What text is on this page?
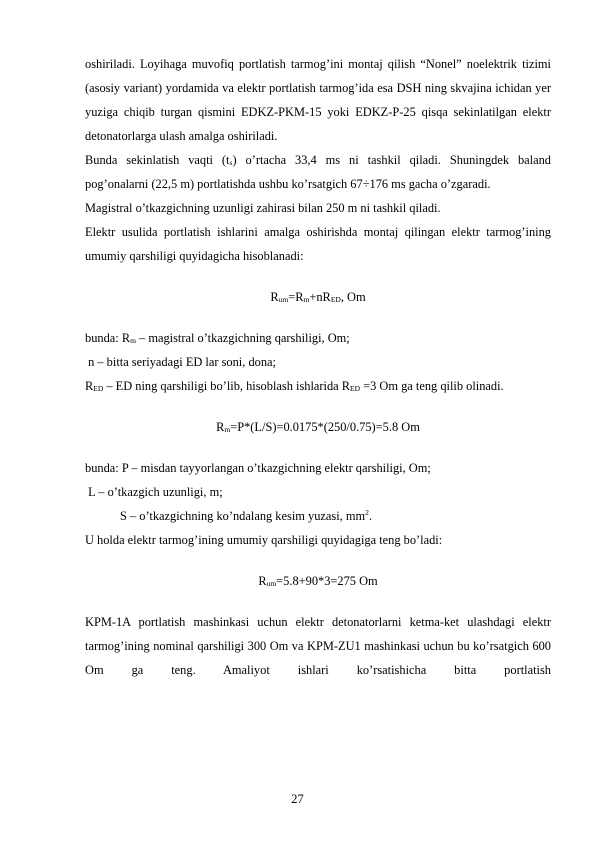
oshiriladi. Loyihaga muvofiq portlatish tarmog’ini montaj qilish “Nonel” noelektrik tizimi (asosiy variant) yordamida va elektr portlatish tarmog’ida esa DSH ning skvajina ichidan yer yuziga chiqib turgan qismini EDKZ-PKM-15 yoki EDKZ-P-25 qisqa sekinlatilgan elektr detonatorlarga ulash amalga oshiriladi.

Bunda sekinlatish vaqti $(t_s)$ o’rtacha 33,4 ms ni tashkil qiladi. Shuningdek baland pog’onalarni (22,5 m) portlatishda ushbu ko’rsatgich 67÷176 ms gacha o’zgaradi.

Magistral o’tkazgichning uzunligi zahirasi bilan 250 m ni tashkil qiladi.

Elektr usulida portlatish ishlarini amalga oshirishda montaj qilingan elektr tarmog’ining umumiy qarshiligi quyidagicha hisoblanadi:

$R_{um}=R_m+nR_{ED}$, Om

bunda: $R_m$ – magistral o’tkazgichning qarshiligi, Om;

n – bitta seriyadagi ED lar soni, dona;

$R_{ED}$ – ED ning qarshiligi bo’lib, hisoblash ishlarida $R_{ED} =3$ Om ga teng qilib olinadi.

$R_m=P*(L/S)=0.0175*(250/0.75)=5.8$ Om

bunda: P – misdan tayyorlangan o’tkazgichning elektr qarshiligi, Om;

L – o’tkazgich uzunligi, m;

S – o’tkazgichning ko’ndalang kesim yuzasi, $mm^2$.

U holda elektr tarmog’ining umumiy qarshiligi quyidagiga teng bo’ladi:

$R_{um}=5.8+90*3=275$ Om

KPM-1A portlatish mashinkasi uchun elektr detonatorlarni ketma-ket ulashdagi elektr tarmog’ining nominal qarshiligi 300 Om va KPM-ZU1 mashinkasi uchun bu ko’rsatgich 600 Om ga teng. Amaliyot ishlari ko’rsatishicha bitta portlatish

27
